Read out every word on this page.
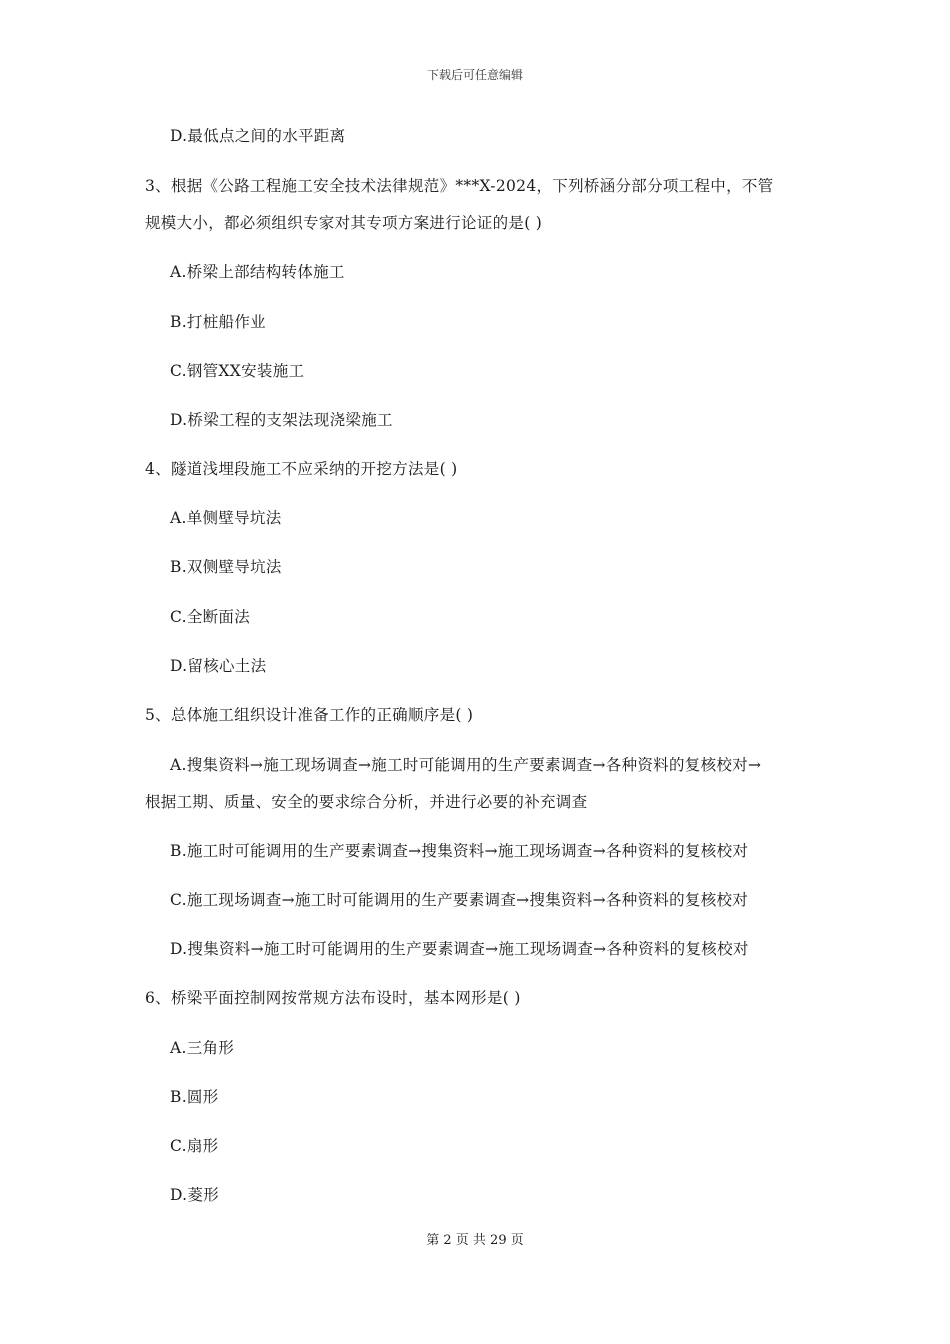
下载后可任意编辑
D.最低点之间的水平距离
3、根据《公路工程施工安全技术法律规范》***X-2024，下列桥涵分部分项工程中，不管
规模大小，都必须组织专家对其专项方案进行论证的是( )
A.桥梁上部结构转体施工
B.打桩船作业
C.钢管XX安装施工
D.桥梁工程的支架法现浇梁施工
4、隧道浅埋段施工不应采纳的开挖方法是( )
A.单侧壁导坑法
B.双侧壁导坑法
C.全断面法
D.留核心土法
5、总体施工组织设计准备工作的正确顺序是( )
A.搜集资料→施工现场调查→施工时可能调用的生产要素调查→各种资料的复核校对→
根据工期、质量、安全的要求综合分析，并进行必要的补充调查
B.施工时可能调用的生产要素调查→搜集资料→施工现场调查→各种资料的复核校对
C.施工现场调查→施工时可能调用的生产要素调查→搜集资料→各种资料的复核校对
D.搜集资料→施工时可能调用的生产要素调查→施工现场调查→各种资料的复核校对
6、桥梁平面控制网按常规方法布设时，基本网形是( )
A.三角形
B.圆形
C.扇形
D.菱形
第 2 页 共 29 页
